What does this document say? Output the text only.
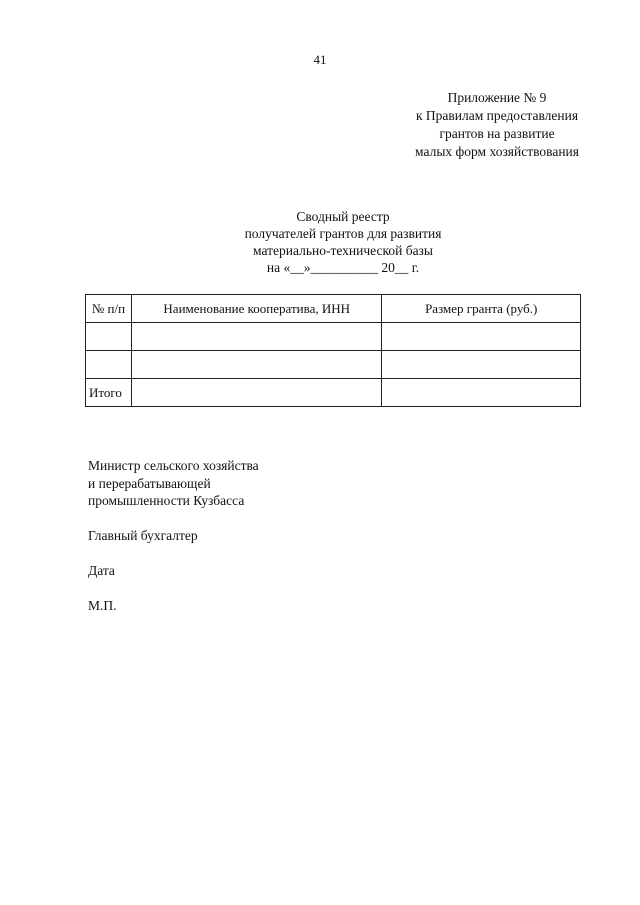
41
Приложение № 9
к Правилам предоставления
грантов на развитие
малых форм хозяйствования
Сводный реестр
получателей грантов для развития
материально-технической базы
на «__»__________ 20__ г.
№ п/п	Наименование кооператива, ИНН	Размер гранта (руб.)

Итого		
Министр сельского хозяйства
и перерабатывающей
промышленности Кузбасса
Главный бухгалтер
Дата
М.П.
